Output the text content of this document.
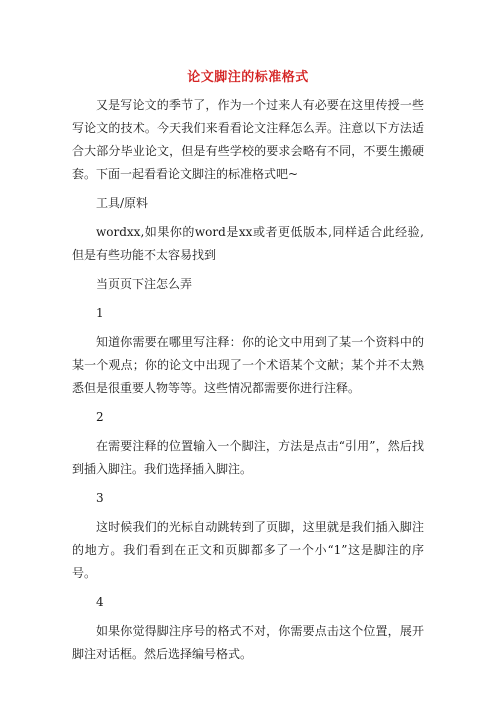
论文脚注的标准格式

又是写论文的季节了，作为一个过来人有必要在这里传授一些写论文的技术。今天我们来看看论文注释怎么弄。注意以下方法适合大部分毕业论文，但是有些学校的要求会略有不同，不要生搬硬套。下面一起看看论文脚注的标准格式吧~

工具/原料

wordxx,如果你的word是xx或者更低版本,同样适合此经验,但是有些功能不太容易找到

当页页下注怎么弄

1

知道你需要在哪里写注释：你的论文中用到了某一个资料中的某一个观点；你的论文中出现了一个术语某个文献；某个并不太熟悉但是很重要人物等等。这些情况都需要你进行注释。

2

在需要注释的位置输入一个脚注，方法是点击“引用”，然后找到插入脚注。我们选择插入脚注。

3

这时候我们的光标自动跳转到了页脚，这里就是我们插入脚注的地方。我们看到在正文和页脚都多了一个小“1”这是脚注的序号。

4

如果你觉得脚注序号的格式不对，你需要点击这个位置，展开脚注对话框。然后选择编号格式。
